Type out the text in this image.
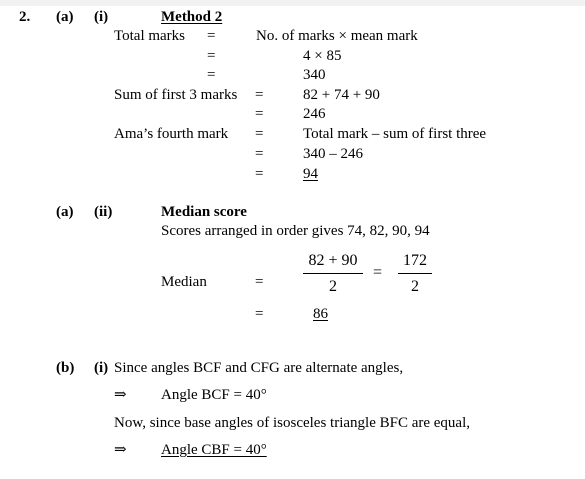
2. (a) (i)	Method 2
Total marks =	No. of marks × mean mark
=	4 × 85
=	340
Sum of first 3 marks =	82 + 74 + 90
=	246
Ama’s fourth mark =	Total mark – sum of first three
=	340 – 246
=	94
(a) (ii)	Median score
Scores arranged in order gives 74, 82, 90, 94
Median	=
82 + 90
2
=
172
2
=	86
(b) (i) Since angles BCF and CFG are alternate angles,
⇒ Angle BCF = 40°
Now, since base angles of isosceles triangle BFC are equal,
⇒ Angle CBF = 40°
